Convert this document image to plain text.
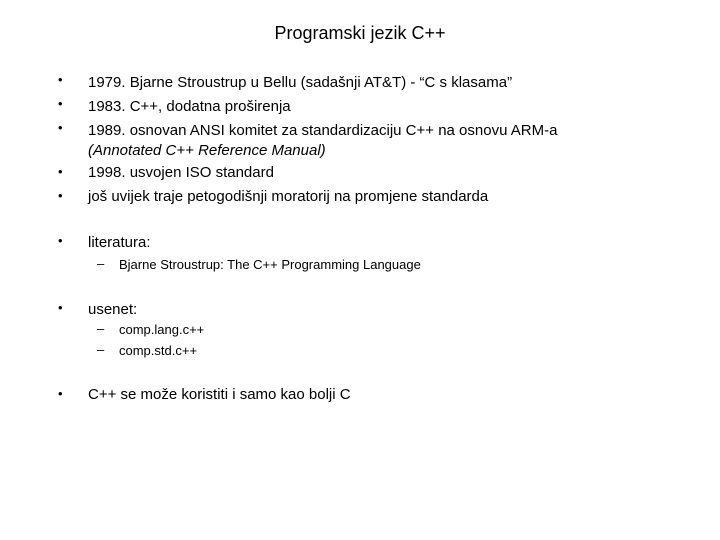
Programski jezik C++
• 1979. Bjarne Stroustrup u Bellu (sadašnji AT&T) - “C s klasama”
• 1983. C++, dodatna proširenja
• 1989. osnovan ANSI komitet za standardizaciju C++ na osnovu ARM-a
(Annotated C++ Reference Manual)
• 1998. usvojen ISO standard
• još uvijek traje petogodišnji moratorij na promjene standarda
• literatura:
– Bjarne Stroustrup: The C++ Programming Language
• usenet:
– comp.lang.c++
– comp.std.c++
• C++ se može koristiti i samo kao bolji C
